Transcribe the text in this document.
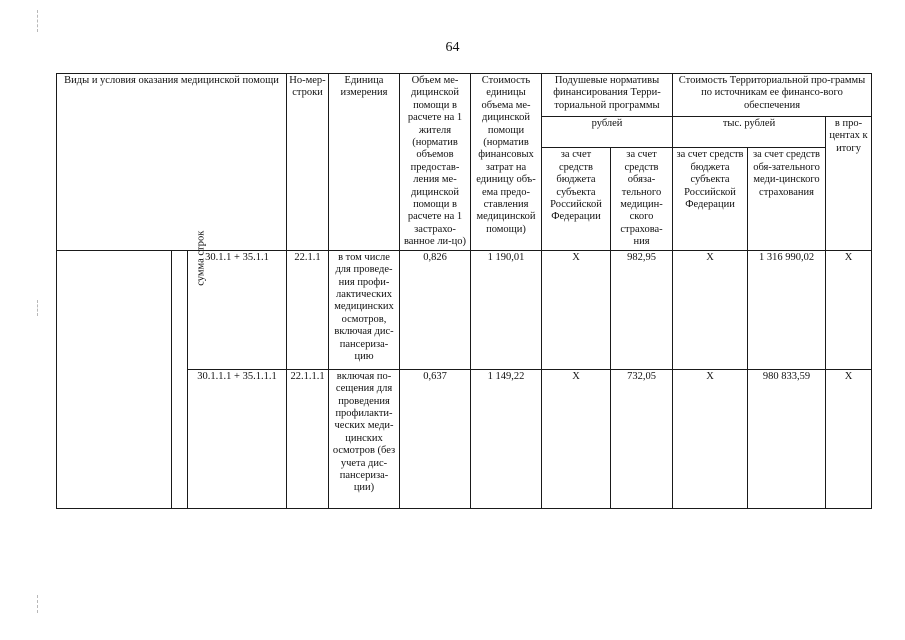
64
Виды и условия оказания медицинской помощи			Но-мер-строки	Единица измерения	Объем ме-дицинской помощи в расчете на 1 жителя (норматив объемов предостав-ления ме-дицинской помощи в расчете на 1 застрахо-ванное ли-цо)	Стоимость единицы объема ме-дицинской помощи (норматив финансовых затрат на единицу объ-ема предо-ставления медицинской помощи)	Подушевые нормативы финансирования Терри-ториальной программы		Стоимость Территориальной про-граммы по источникам ее финансо-вого обеспечения		
							рублей		тыс. рублей		в про-центах к итогу
							за счет средств бюджета субъекта Российской Федерации	за счет средств обяза-тельного медицин-ского страхова-ния	за счет средств бюджета субъекта Российской Федерации	за счет средств обя-зательного меди-цинского страхования	
	сумма строк	30.1.1 + 35.1.1	22.1.1	в том числе для проведе-ния профи-лактических медицинских осмотров, включая дис-пансериза-цию	0,826	1 190,01	Х	982,95	Х	1 316 990,02	Х
		30.1.1.1 + 35.1.1.1	22.1.1.1	включая по-сещения для проведения профилакти-ческих меди-цинских осмотров (без учета дис-пансериза-ции)	0,637	1 149,22	Х	732,05	Х	980 833,59	Х
